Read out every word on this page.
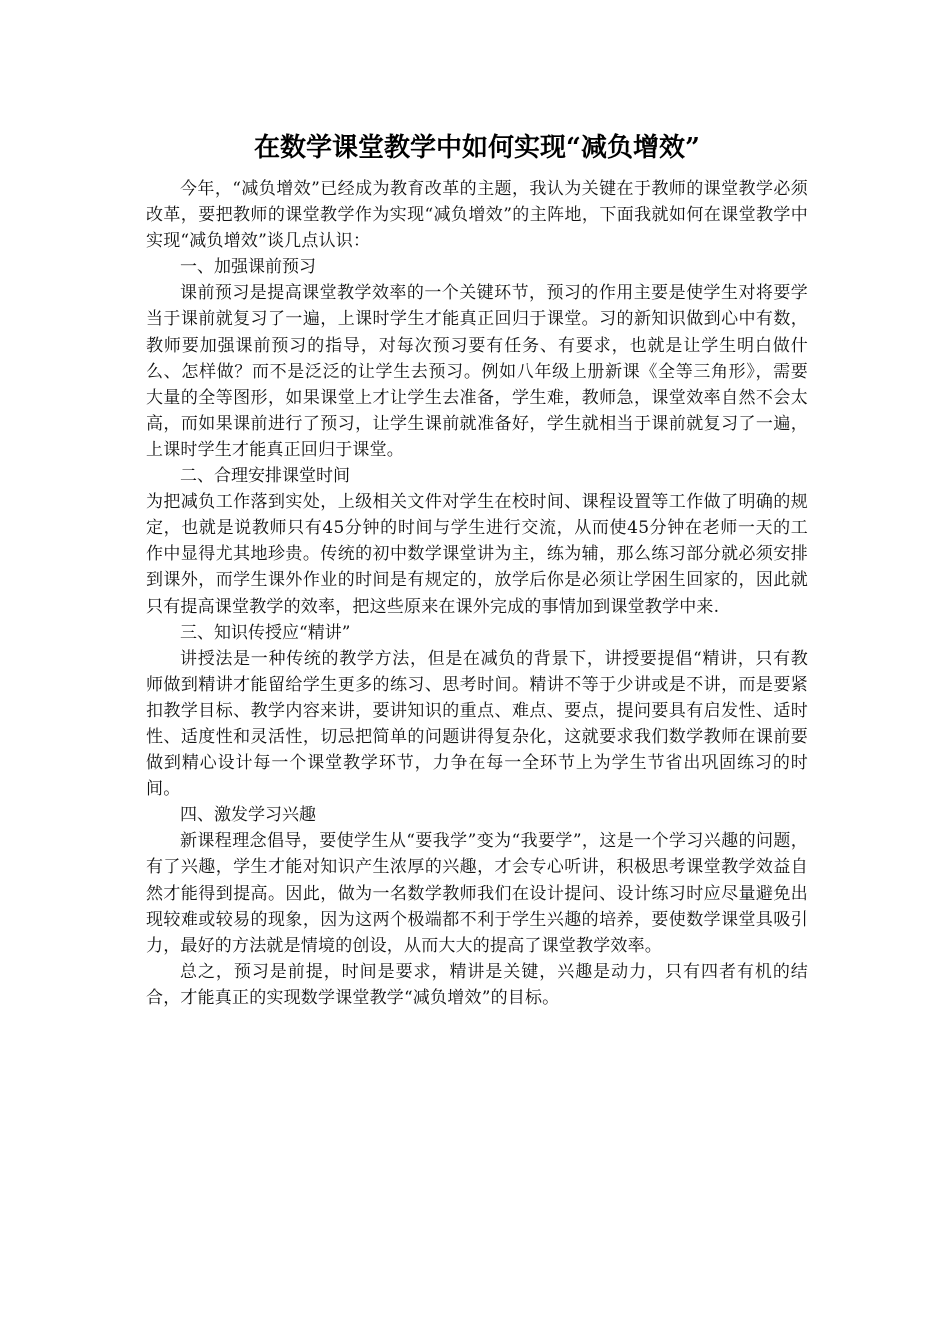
在数学课堂教学中如何实现“减负增效”

今年，“减负增效”已经成为教育改革的主题，我认为关键在于教师的课堂教学必须改革，要把教师的课堂教学作为实现“减负增效”的主阵地，下面我就如何在课堂教学中实现“减负增效”谈几点认识：

一、加强课前预习

课前预习是提高课堂教学效率的一个关键环节，预习的作用主要是使学生对将要学当于课前就复习了一遍，上课时学生才能真正回归于课堂。习的新知识做到心中有数，教师要加强课前预习的指导，对每次预习要有任务、有要求，也就是让学生明白做什么、怎样做？而不是泛泛的让学生去预习。例如八年级上册新课《全等三角形》，需要大量的全等图形，如果课堂上才让学生去准备，学生难，教师急，课堂效率自然不会太高，而如果课前进行了预习，让学生课前就准备好，学生就相当于课前就复习了一遍，上课时学生才能真正回归于课堂。

二、合理安排课堂时间

为把减负工作落到实处，上级相关文件对学生在校时间、课程设置等工作做了明确的规定，也就是说教师只有45分钟的时间与学生进行交流，从而使45分钟在老师一天的工作中显得尤其地珍贵。传统的初中数学课堂讲为主，练为辅，那么练习部分就必须安排到课外，而学生课外作业的时间是有规定的，放学后你是必须让学困生回家的，因此就只有提高课堂教学的效率，把这些原来在课外完成的事情加到课堂教学中来.

三、知识传授应“精讲”

讲授法是一种传统的教学方法，但是在减负的背景下，讲授要提倡“精讲，只有教师做到精讲才能留给学生更多的练习、思考时间。精讲不等于少讲或是不讲，而是要紧扣教学目标、教学内容来讲，要讲知识的重点、难点、要点，提问要具有启发性、适时性、适度性和灵活性，切忌把简单的问题讲得复杂化，这就要求我们数学教师在课前要做到精心设计每一个课堂教学环节，力争在每一全环节上为学生节省出巩固练习的时间。

四、激发学习兴趣

新课程理念倡导，要使学生从“要我学”变为“我要学”，这是一个学习兴趣的问题，有了兴趣，学生才能对知识产生浓厚的兴趣，才会专心听讲，积极思考课堂教学效益自然才能得到提高。因此，做为一名数学教师我们在设计提问、设计练习时应尽量避免出现较难或较易的现象，因为这两个极端都不利于学生兴趣的培养，要使数学课堂具吸引力，最好的方法就是情境的创设，从而大大的提高了课堂教学效率。

总之，预习是前提，时间是要求，精讲是关键，兴趣是动力，只有四者有机的结合，才能真正的实现数学课堂教学“减负增效”的目标。
